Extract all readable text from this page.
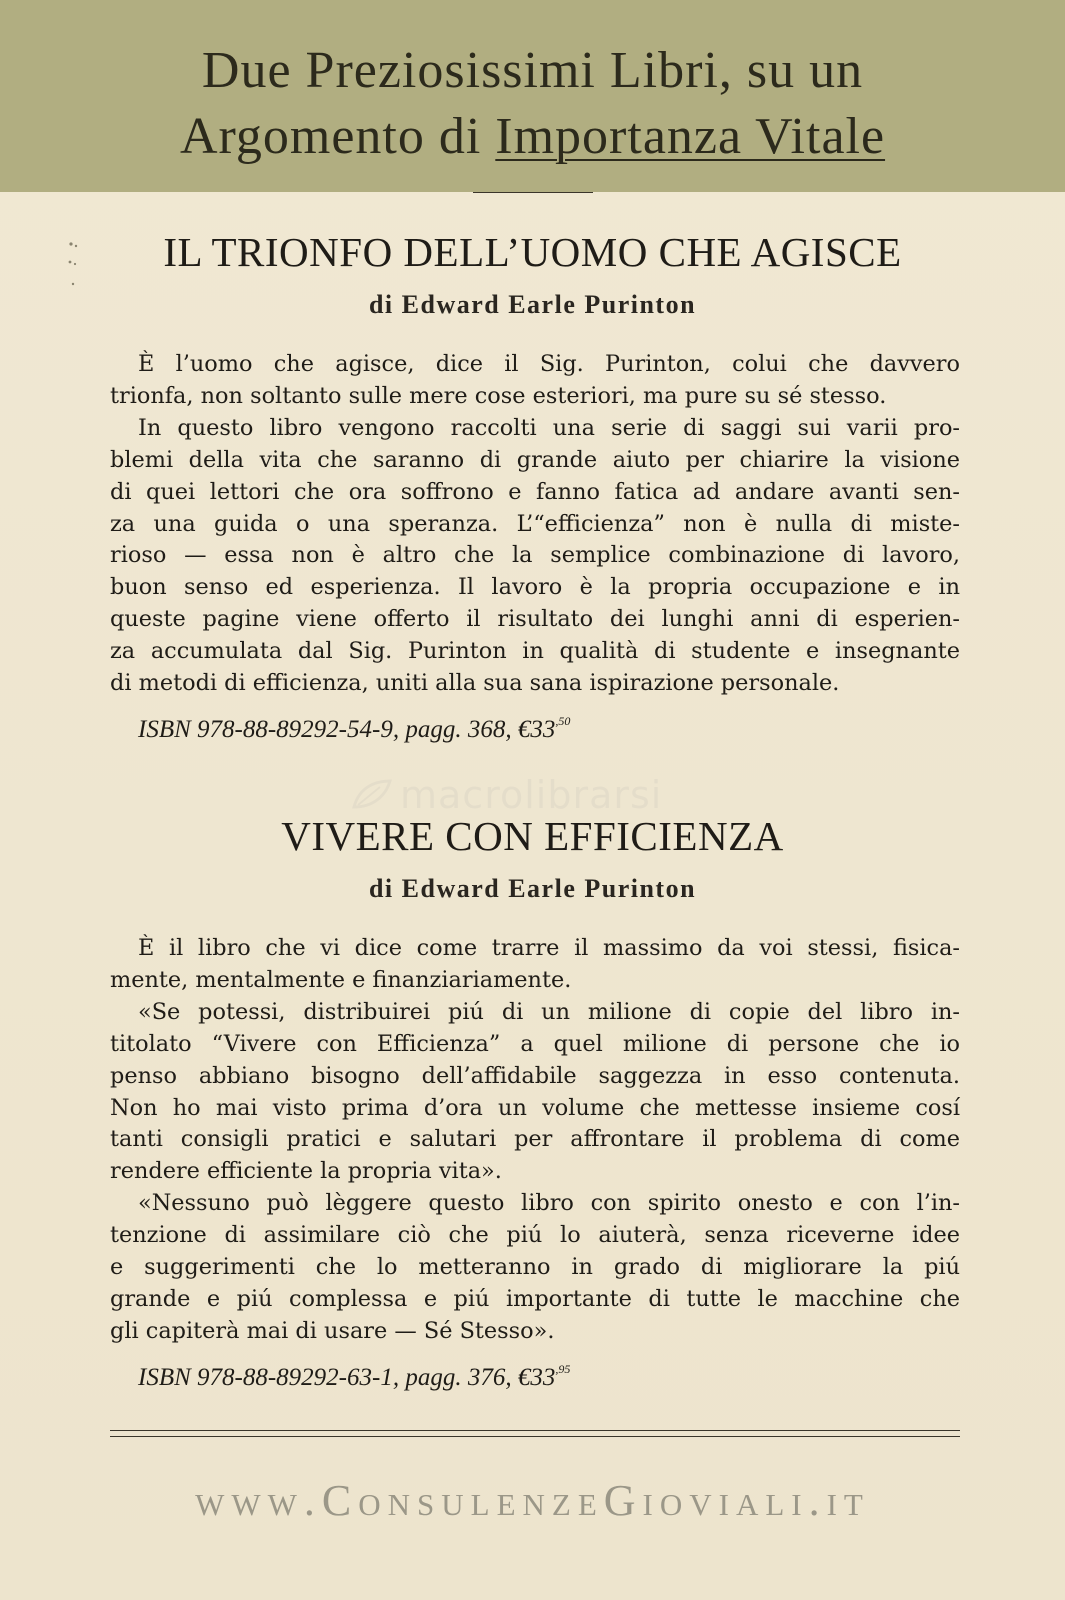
Due Preziosissimi Libri, su un
Argomento di Importanza Vitale
IL TRIONFO DELL’UOMO CHE AGISCE
di Edward Earle Purinton
È l’uomo che agisce, dice il Sig. Purinton, colui che davvero
trionfa, non soltanto sulle mere cose esteriori, ma pure su sé stesso.
In questo libro vengono raccolti una serie di saggi sui varii pro-
blemi della vita che saranno di grande aiuto per chiarire la visione
di quei lettori che ora soffrono e fanno fatica ad andare avanti sen-
za una guida o una speranza. L’“efficienza” non è nulla di miste-
rioso — essa non è altro che la semplice combinazione di lavoro,
buon senso ed esperienza. Il lavoro è la propria occupazione e in
queste pagine viene offerto il risultato dei lunghi anni di esperien-
za accumulata dal Sig. Purinton in qualità di studente e insegnante
di metodi di efficienza, uniti alla sua sana ispirazione personale.
ISBN 978-88-89292-54-9, pagg. 368, $€33^{,50}$
macrolibrarsi
VIVERE CON EFFICIENZA
di Edward Earle Purinton
È il libro che vi dice come trarre il massimo da voi stessi, fisica-
mente, mentalmente e finanziariamente.
«Se potessi, distribuirei piú di un milione di copie del libro in-
titolato “Vivere con Efficienza” a quel milione di persone che io
penso abbiano bisogno dell’affidabile saggezza in esso contenuta.
Non ho mai visto prima d’ora un volume che mettesse insieme cosí
tanti consigli pratici e salutari per affrontare il problema di come
rendere efficiente la propria vita».
«Nessuno può lèggere questo libro con spirito onesto e con l’in-
tenzione di assimilare ciò che piú lo aiuterà, senza riceverne idee
e suggerimenti che lo metteranno in grado di migliorare la piú
grande e piú complessa e piú importante di tutte le macchine che
gli capiterà mai di usare — Sé Stesso».
ISBN 978-88-89292-63-1, pagg. 376, $€33^{,95}$
www.ConsulenzeGioviali.it
